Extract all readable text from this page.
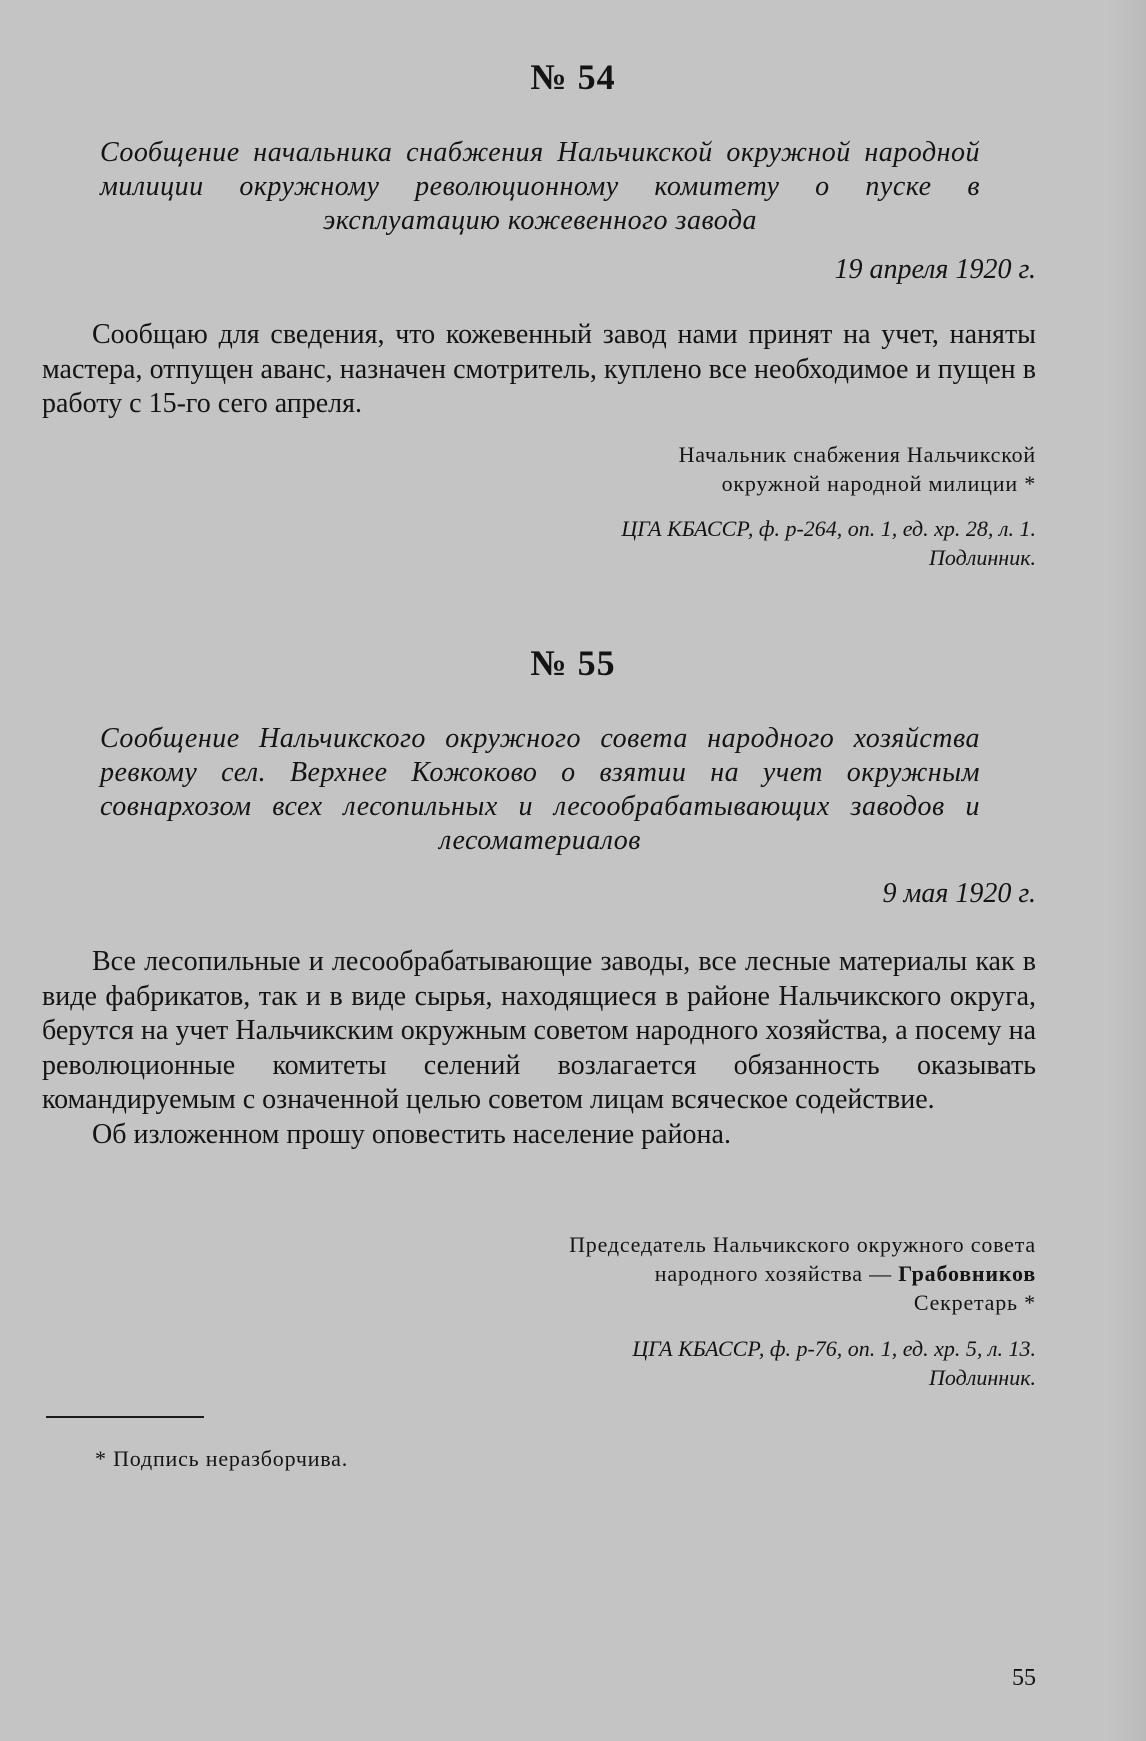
№ 54
Сообщение начальника снабжения Нальчикской окружной народной милиции окружному революционному комитету о пуске в эксплуатацию кожевенного завода
19 апреля 1920 г.

Сообщаю для сведения, что кожевенный завод нами принят на учет, наняты мастера, отпущен аванс, назначен смотритель, куплено все необходимое и пущен в работу с 15-го сего апреля.

Начальник снабжения Нальчикской
окружной народной милиции *
ЦГА КБАССР, ф. р-264, оп. 1, ед. хр. 28, л. 1.
Подлинник.
№ 55
Сообщение Нальчикского окружного совета народного хозяйства ревкому сел. Верхнее Кожоково о взятии на учет окружным совнархозом всех лесопильных и лесообрабатывающих заводов и лесоматериалов
9 мая 1920 г.

Все лесопильные и лесообрабатывающие заводы, все лесные материалы как в виде фабрикатов, так и в виде сырья, находящиеся в районе Нальчикского округа, берутся на учет Нальчикским окружным советом народного хозяйства, а посему на революционные комитеты селений возлагается обязанность оказывать командируемым с означенной целью советом лицам всяческое содействие.

Об изложенном прошу оповестить население района.

Председатель Нальчикского окружного совета
народного хозяйства — Грабовников
Секретарь *
ЦГА КБАССР, ф. р-76, оп. 1, ед. хр. 5, л. 13.
Подлинник.
* Подпись неразборчива.
55
